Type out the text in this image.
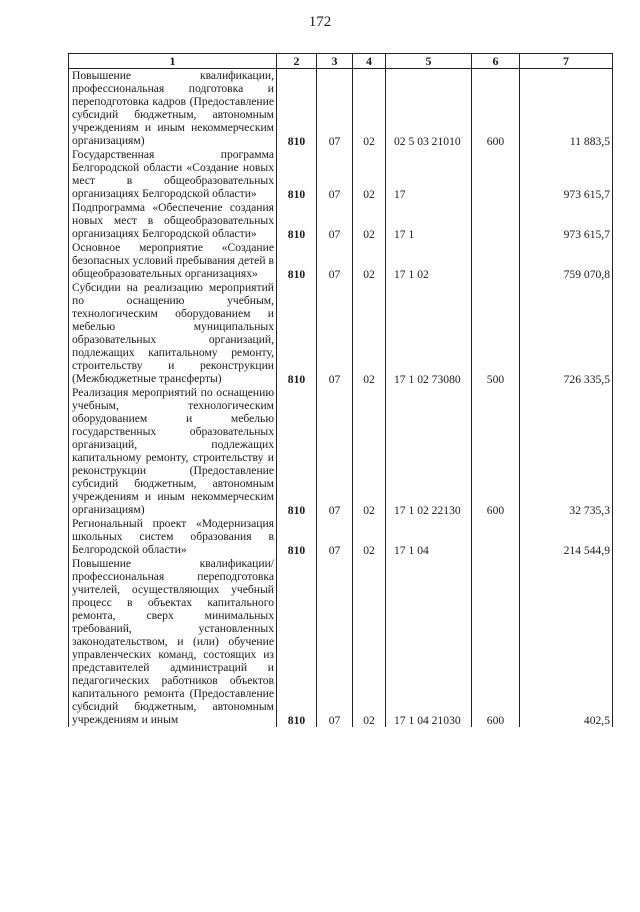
172
1	2	3	4	5	6	7
Повышение квалификации, профессиональная подготовка и переподготовка кадров (Предоставление субсидий бюджетным, автономным учреждениям и иным некоммерческим организациям)	810	07	02	02 5 03 21010	600	11 883,5
Государственная программа Белгородской области «Создание новых мест в общеобразовательных организациях Белгородской области»	810	07	02	17		973 615,7
Подпрограмма «Обеспечение создания новых мест в общеобразовательных организациях Белгородской области»	810	07	02	17 1		973 615,7
Основное мероприятие «Создание безопасных условий пребывания детей в общеобразовательных организациях»	810	07	02	17 1 02		759 070,8
Субсидии на реализацию мероприятий по оснащению учебным, технологическим оборудованием и мебелью муниципальных образовательных организаций, подлежащих капитальному ремонту, строительству и реконструкции (Межбюджетные трансферты)	810	07	02	17 1 02 73080	500	726 335,5
Реализация мероприятий по оснащению учебным, технологическим оборудованием и мебелью государственных образовательных организаций, подлежащих капитальному ремонту, строительству и реконструкции (Предоставление субсидий бюджетным, автономным учреждениям и иным некоммерческим организациям)	810	07	02	17 1 02 22130	600	32 735,3
Региональный проект «Модернизация школьных систем образования в Белгородской области»	810	07	02	17 1 04		214 544,9
Повышение квалификации/профессиональная переподготовка учителей, осуществляющих учебный процесс в объектах капитального ремонта, сверх минимальных требований, установленных законодательством, и (или) обучение управленческих команд, состоящих из представителей администраций и педагогических работников объектов капитального ремонта (Предоставление субсидий бюджетным, автономным учреждениям и иным	810	07	02	17 1 04 21030	600	402,5
